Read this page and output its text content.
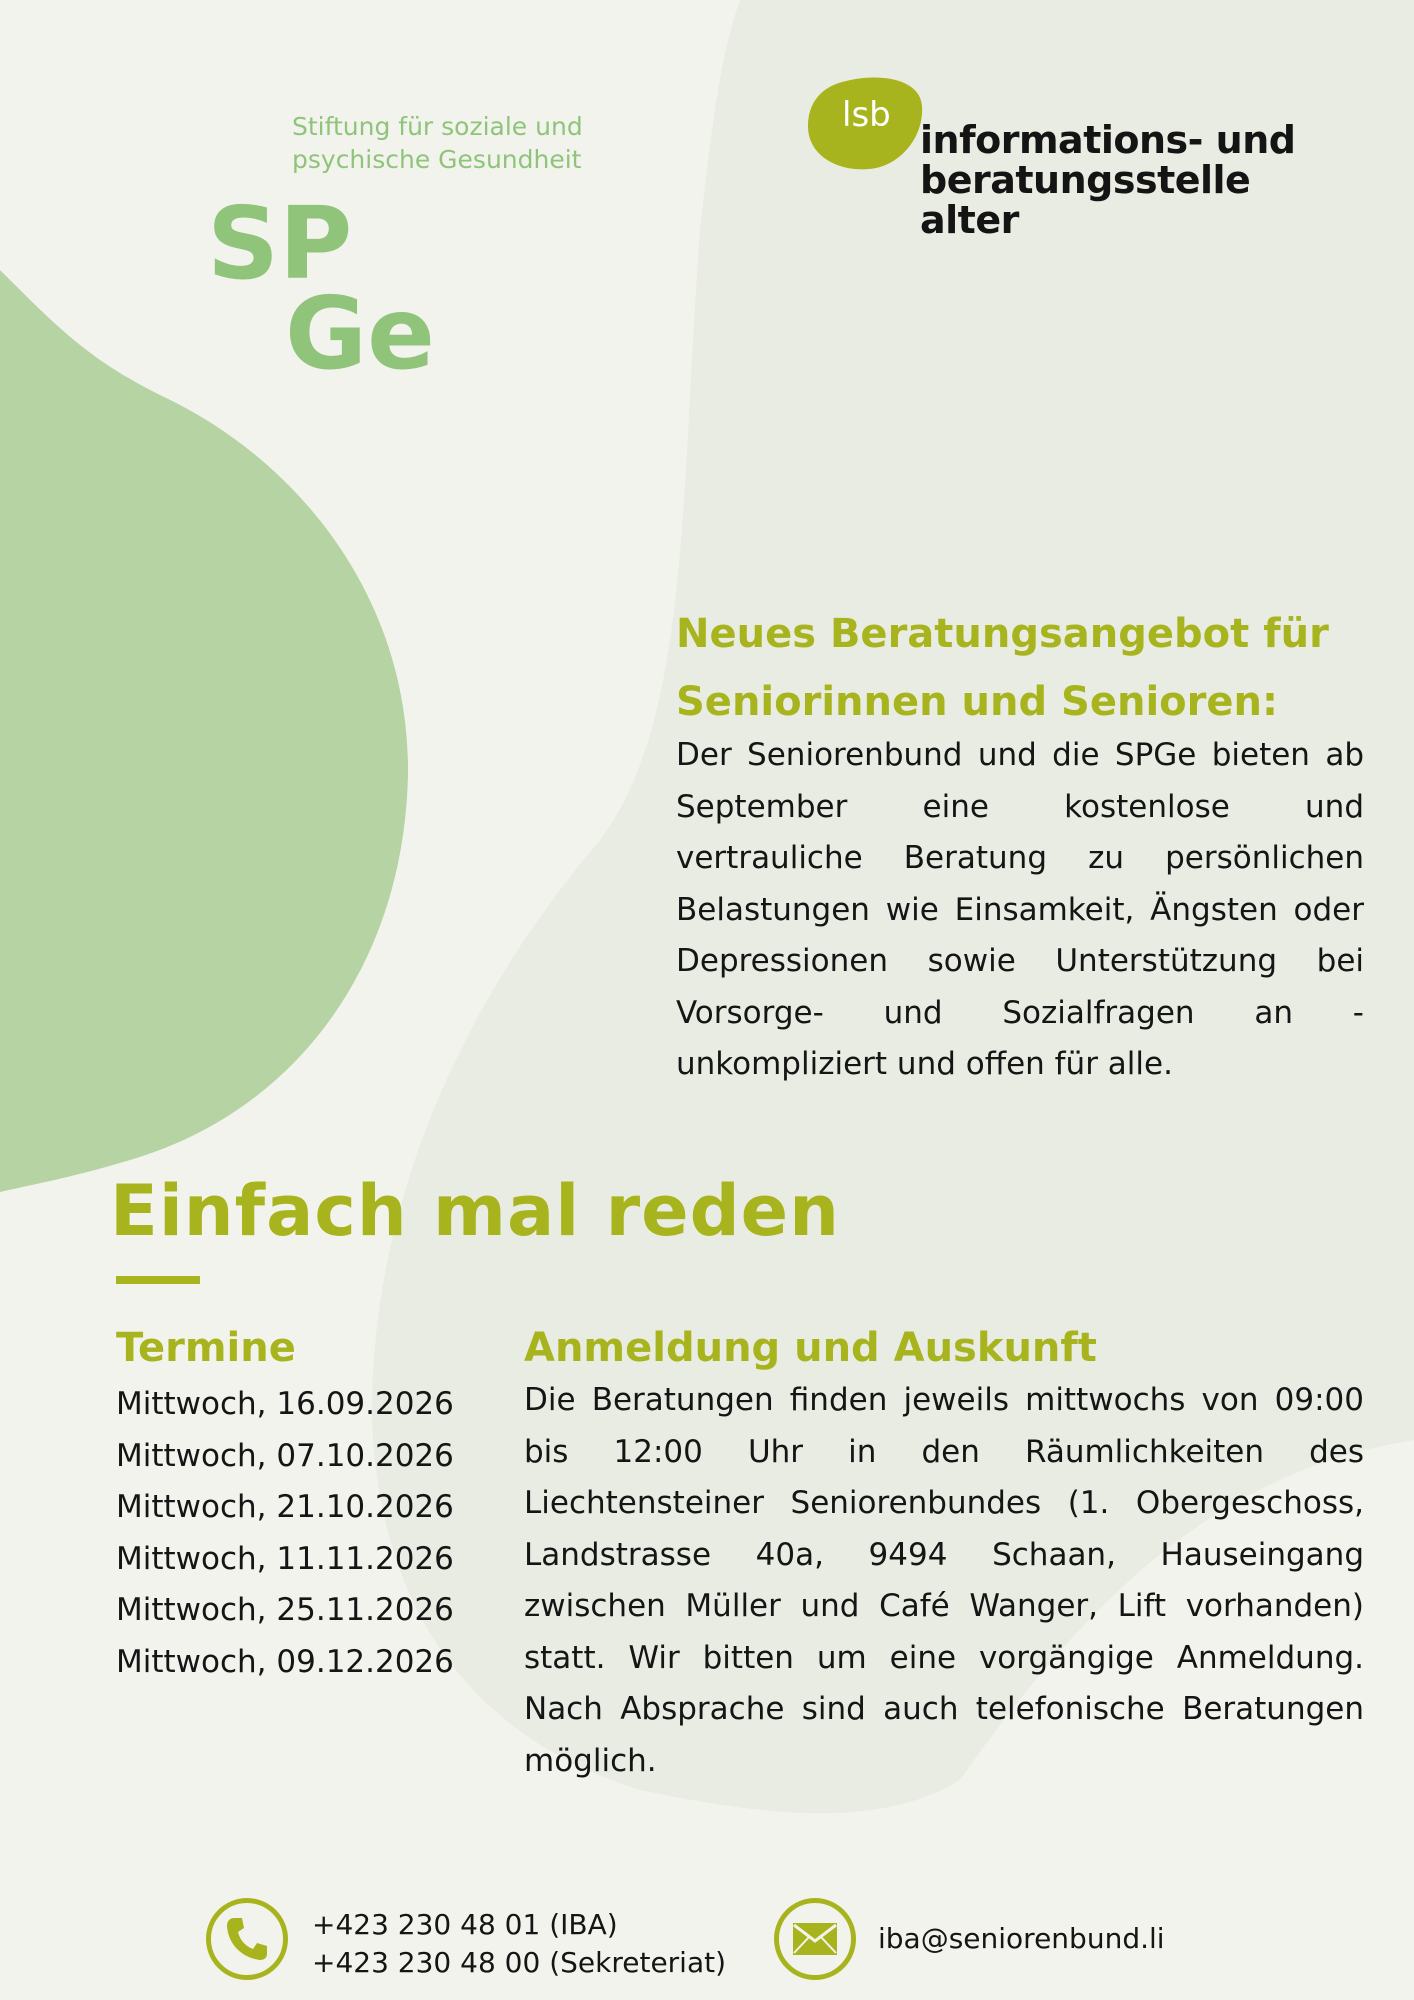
Stiftung für soziale und
psychische Gesundheit
SP
Ge
lsb
informations- und
beratungsstelle alter
Neues Beratungsangebot für
Seniorinnen und Senioren:
Der Seniorenbund und die SPGe bieten ab September eine kostenlose und vertrauliche Beratung zu persönlichen Belastungen wie Einsamkeit, Ängsten oder Depressionen sowie Unterstützung bei Vorsorge- und Sozialfragen an - unkompliziert und offen für alle.
Einfach mal reden
Termine
Mittwoch, 16.09.2026
Mittwoch, 07.10.2026
Mittwoch, 21.10.2026
Mittwoch, 11.11.2026
Mittwoch, 25.11.2026
Mittwoch, 09.12.2026
Anmeldung und Auskunft
Die Beratungen finden jeweils mittwochs von 09:00 bis 12:00 Uhr in den Räumlichkeiten des Liechtensteiner Seniorenbundes (1. Obergeschoss, Landstrasse 40a, 9494 Schaan, Hauseingang zwischen Müller und Café Wanger, Lift vorhanden) statt. Wir bitten um eine vorgängige Anmeldung. Nach Absprache sind auch telefonische Beratungen möglich.
+423 230 48 01 (IBA)
+423 230 48 00 (Sekreteriat)
iba@seniorenbund.li
